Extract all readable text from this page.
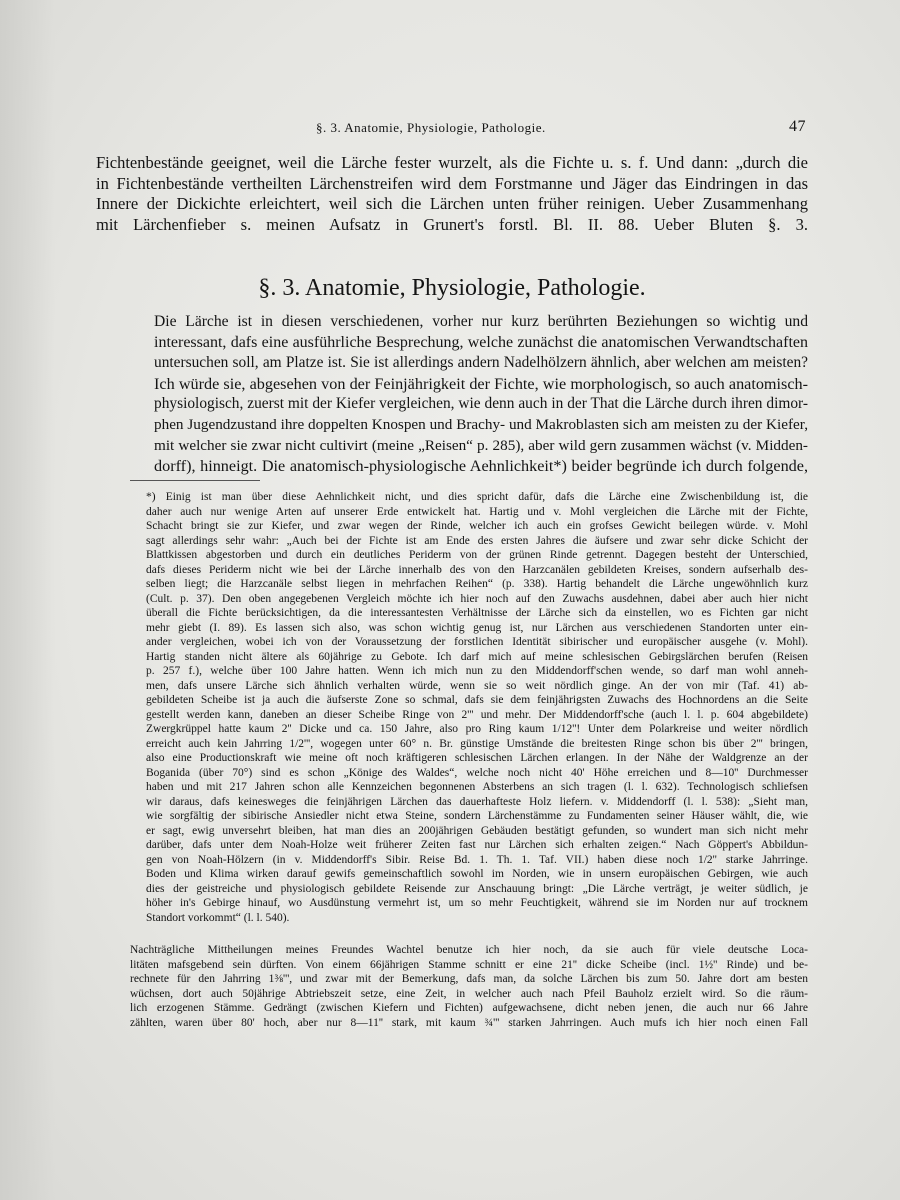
§. 3. Anatomie, Physiologie, Pathologie.	47
Fichtenbestände geeignet, weil die Lärche fester wurzelt, als die Fichte u. s. f. Und dann: „durch die
in Fichtenbestände vertheilten Lärchenstreifen wird dem Forstmanne und Jäger das Eindringen in das
Innere der Dickichte erleichtert, weil sich die Lärchen unten früher reinigen. Ueber Zusammenhang
mit Lärchenfieber s. meinen Aufsatz in Grunert's forstl. Bl. II. 88. Ueber Bluten §. 3.
§. 3. Anatomie, Physiologie, Pathologie.
Die Lärche ist in diesen verschiedenen, vorher nur kurz berührten Beziehungen so wichtig und
interessant, dafs eine ausführliche Besprechung, welche zunächst die anatomischen Verwandtschaften
untersuchen soll, am Platze ist. Sie ist allerdings andern Nadelhölzern ähnlich, aber welchen am meisten?
Ich würde sie, abgesehen von der Feinjährigkeit der Fichte, wie morphologisch, so auch anatomisch-
physiologisch, zuerst mit der Kiefer vergleichen, wie denn auch in der That die Lärche durch ihren dimor-
phen Jugendzustand ihre doppelten Knospen und Brachy- und Makroblasten sich am meisten zu der Kiefer,
mit welcher sie zwar nicht cultivirt (meine „Reisen“ p. 285), aber wild gern zusammen wächst (v. Midden-
dorff), hinneigt. Die anatomisch-physiologische Aehnlichkeit*) beider begründe ich durch folgende,
*) Einig ist man über diese Aehnlichkeit nicht, und dies spricht dafür, dafs die Lärche eine Zwischenbildung ist, die
daher auch nur wenige Arten auf unserer Erde entwickelt hat. Hartig und v. Mohl vergleichen die Lärche mit der Fichte,
Schacht bringt sie zur Kiefer, und zwar wegen der Rinde, welcher ich auch ein grofses Gewicht beilegen würde. v. Mohl
sagt allerdings sehr wahr: „Auch bei der Fichte ist am Ende des ersten Jahres die äufsere und zwar sehr dicke Schicht der
Blattkissen abgestorben und durch ein deutliches Periderm von der grünen Rinde getrennt. Dagegen besteht der Unterschied,
dafs dieses Periderm nicht wie bei der Lärche innerhalb des von den Harzcanälen gebildeten Kreises, sondern aufserhalb des-
selben liegt; die Harzcanäle selbst liegen in mehrfachen Reihen“ (p. 338). Hartig behandelt die Lärche ungewöhnlich kurz
(Cult. p. 37). Den oben angegebenen Vergleich möchte ich hier noch auf den Zuwachs ausdehnen, dabei aber auch hier nicht
überall die Fichte berücksichtigen, da die interessantesten Verhältnisse der Lärche sich da einstellen, wo es Fichten gar nicht
mehr giebt (I. 89). Es lassen sich also, was schon wichtig genug ist, nur Lärchen aus verschiedenen Standorten unter ein-
ander vergleichen, wobei ich von der Voraussetzung der forstlichen Identität sibirischer und europäischer ausgehe (v. Mohl).
Hartig standen nicht ältere als 60jährige zu Gebote. Ich darf mich auf meine schlesischen Gebirgslärchen berufen (Reisen
p. 257 f.), welche über 100 Jahre hatten. Wenn ich mich nun zu den Middendorff'schen wende, so darf man wohl anneh-
men, dafs unsere Lärche sich ähnlich verhalten würde, wenn sie so weit nördlich ginge. An der von mir (Taf. 41) ab-
gebildeten Scheibe ist ja auch die äufserste Zone so schmal, dafs sie dem feinjährigsten Zuwachs des Hochnordens an die Seite
gestellt werden kann, daneben an dieser Scheibe Ringe von 2''' und mehr. Der Middendorff'sche (auch l. l. p. 604 abgebildete)
Zwergkrüppel hatte kaum 2'' Dicke und ca. 150 Jahre, also pro Ring kaum 1/12''! Unter dem Polarkreise und weiter nördlich
erreicht auch kein Jahrring 1/2''', wogegen unter 60° n. Br. günstige Umstände die breitesten Ringe schon bis über 2''' bringen,
also eine Productionskraft wie meine oft noch kräftigeren schlesischen Lärchen erlangen. In der Nähe der Waldgrenze an der
Boganida (über 70°) sind es schon „Könige des Waldes“, welche noch nicht 40' Höhe erreichen und 8—10'' Durchmesser
haben und mit 217 Jahren schon alle Kennzeichen begonnenen Absterbens an sich tragen (l. l. 632). Technologisch schliefsen
wir daraus, dafs keinesweges die feinjährigen Lärchen das dauerhafteste Holz liefern. v. Middendorff (l. l. 538): „Sieht man,
wie sorgfältig der sibirische Ansiedler nicht etwa Steine, sondern Lärchenstämme zu Fundamenten seiner Häuser wählt, die, wie
er sagt, ewig unversehrt bleiben, hat man dies an 200jährigen Gebäuden bestätigt gefunden, so wundert man sich nicht mehr
darüber, dafs unter dem Noah-Holze weit früherer Zeiten fast nur Lärchen sich erhalten zeigen.“ Nach Göppert's Abbildun-
gen von Noah-Hölzern (in v. Middendorff's Sibir. Reise Bd. 1. Th. 1. Taf. VII.) haben diese noch 1/2'' starke Jahrringe.
Boden und Klima wirken darauf gewifs gemeinschaftlich sowohl im Norden, wie in unsern europäischen Gebirgen, wie auch
dies der geistreiche und physiologisch gebildete Reisende zur Anschauung bringt: „Die Lärche verträgt, je weiter südlich, je
höher in's Gebirge hinauf, wo Ausdünstung vermehrt ist, um so mehr Feuchtigkeit, während sie im Norden nur auf trocknem
Standort vorkommt“ (l. l. 540).
Nachträgliche Mittheilungen meines Freundes Wachtel benutze ich hier noch, da sie auch für viele deutsche Loca-
litäten mafsgebend sein dürften. Von einem 66jährigen Stamme schnitt er eine 21'' dicke Scheibe (incl. 1½'' Rinde) und be-
rechnete für den Jahrring 1⅜''', und zwar mit der Bemerkung, dafs man, da solche Lärchen bis zum 50. Jahre dort am besten
wüchsen, dort auch 50jährige Abtriebszeit setze, eine Zeit, in welcher auch nach Pfeil Bauholz erzielt wird. So die räum-
lich erzogenen Stämme. Gedrängt (zwischen Kiefern und Fichten) aufgewachsene, dicht neben jenen, die auch nur 66 Jahre
zählten, waren über 80' hoch, aber nur 8—11'' stark, mit kaum ¾''' starken Jahrringen. Auch mufs ich hier noch einen Fall
